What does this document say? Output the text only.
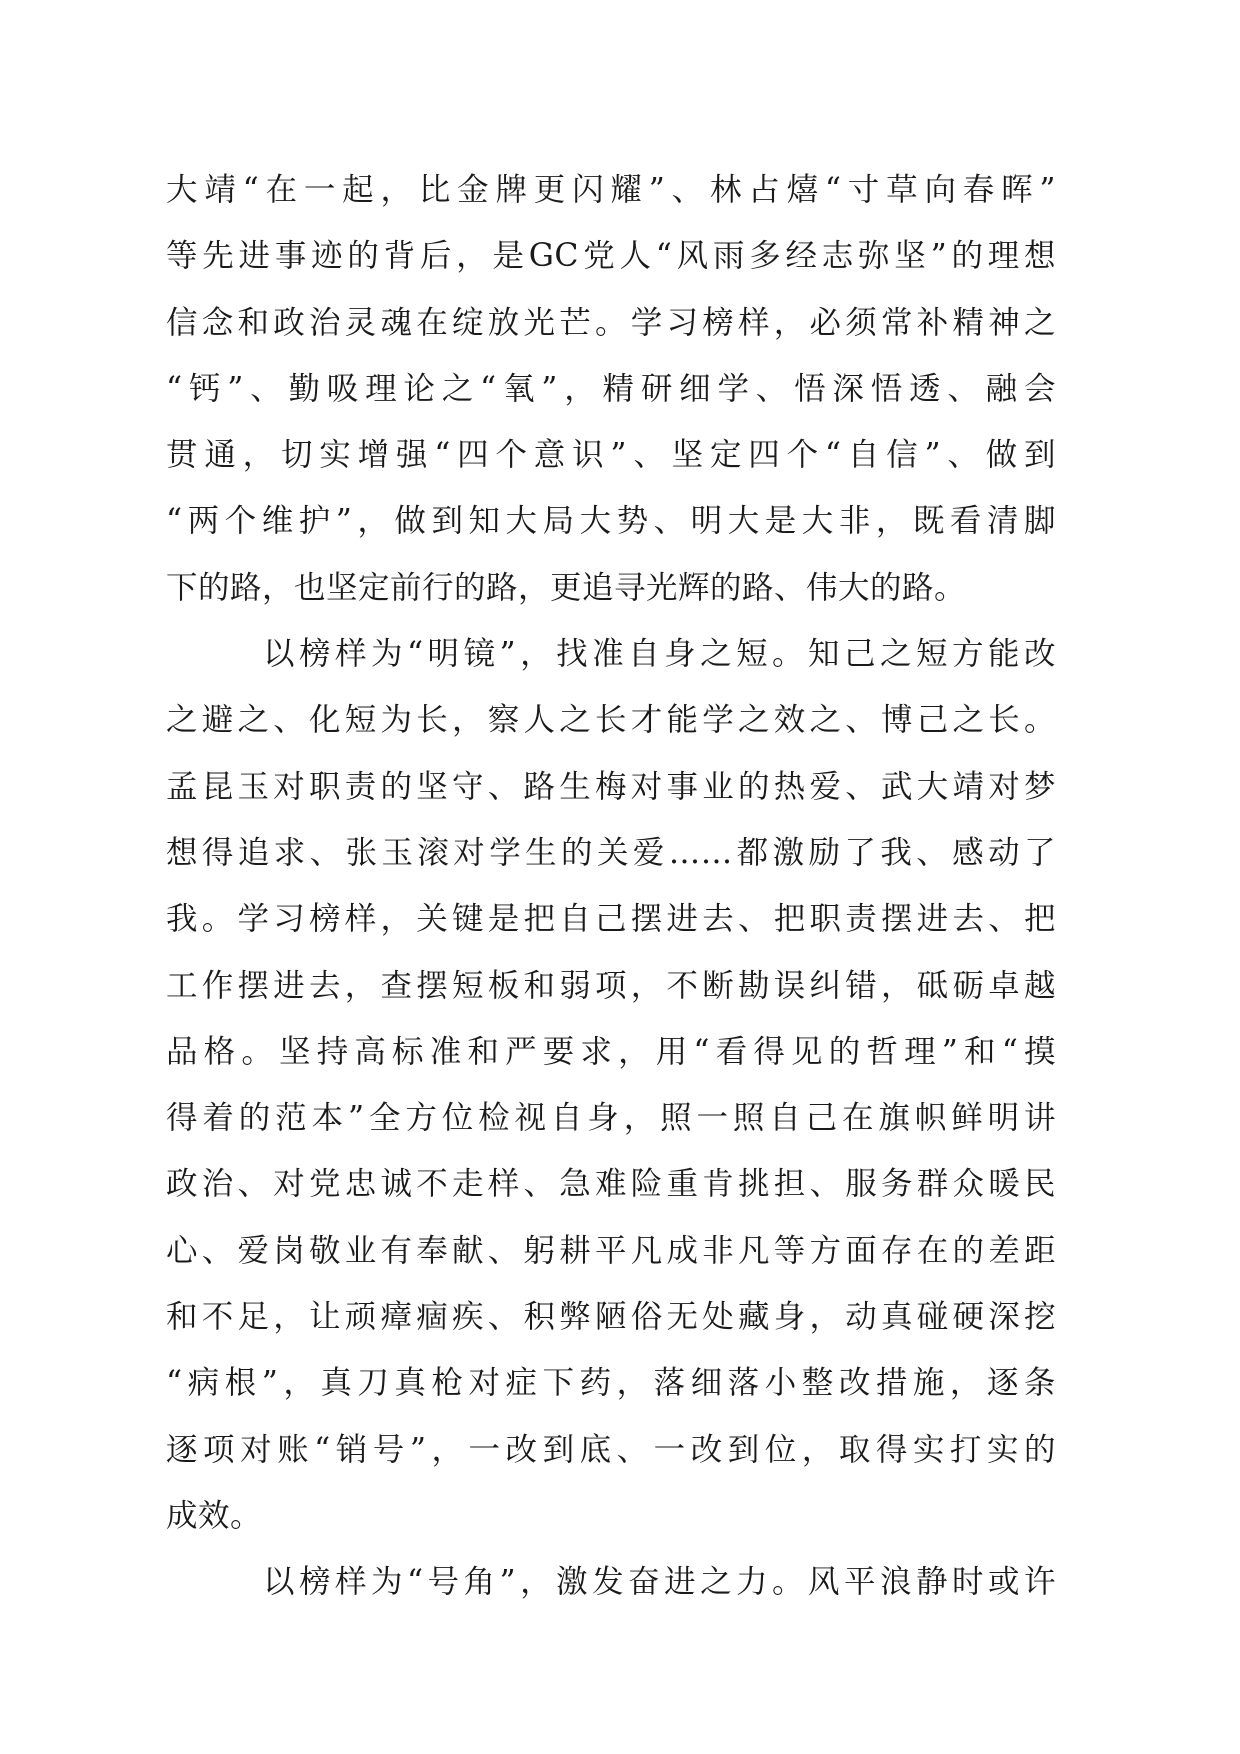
大靖“在一起，比金牌更闪耀”、林占熺“寸草向春晖”
等先进事迹的背后，是GC党人“风雨多经志弥坚”的理想
信念和政治灵魂在绽放光芒。学习榜样，必须常补精神之
“钙”、勤吸理论之“氧”，精研细学、悟深悟透、融会
贯通，切实增强“四个意识”、坚定四个“自信”、做到
“两个维护”，做到知大局大势、明大是大非，既看清脚
下的路，也坚定前行的路，更追寻光辉的路、伟大的路。
以榜样为“明镜”，找准自身之短。知己之短方能改
之避之、化短为长，察人之长才能学之效之、博己之长。
孟昆玉对职责的坚守、路生梅对事业的热爱、武大靖对梦
想得追求、张玉滚对学生的关爱……都激励了我、感动了
我。学习榜样，关键是把自己摆进去、把职责摆进去、把
工作摆进去，查摆短板和弱项，不断勘误纠错，砥砺卓越
品格。坚持高标准和严要求，用“看得见的哲理”和“摸
得着的范本”全方位检视自身，照一照自己在旗帜鲜明讲
政治、对党忠诚不走样、急难险重肯挑担、服务群众暖民
心、爱岗敬业有奉献、躬耕平凡成非凡等方面存在的差距
和不足，让顽瘴痼疾、积弊陋俗无处藏身，动真碰硬深挖
“病根”，真刀真枪对症下药，落细落小整改措施，逐条
逐项对账“销号”，一改到底、一改到位，取得实打实的
成效。
以榜样为“号角”，激发奋进之力。风平浪静时或许
